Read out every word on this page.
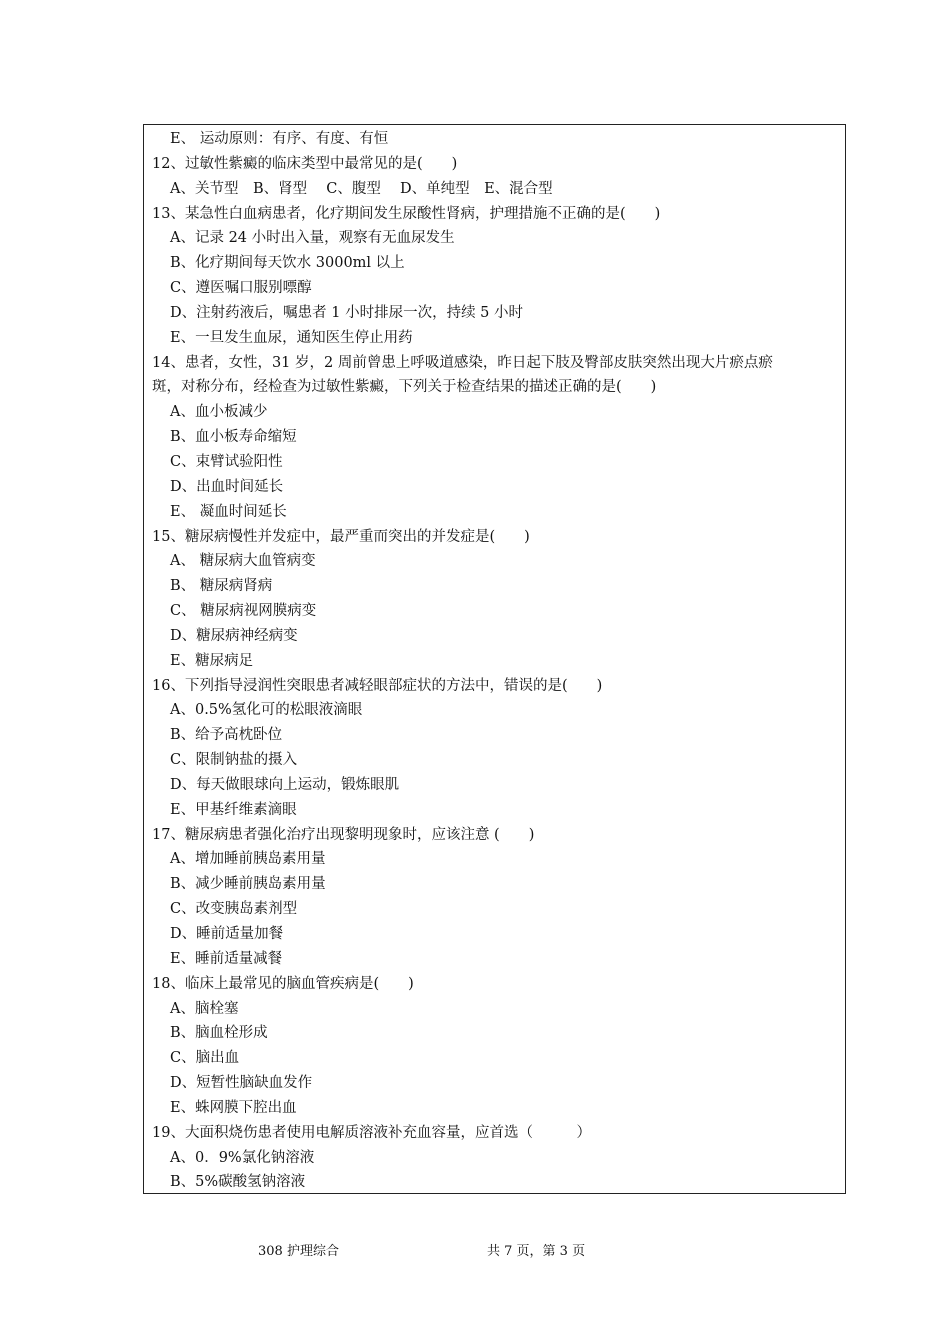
E、 运动原则：有序、有度、有恒
12、过敏性紫癜的临床类型中最常见的是(　　)
A、关节型　B、肾型　 C、腹型　 D、单纯型　E、混合型
13、某急性白血病患者，化疗期间发生尿酸性肾病，护理措施不正确的是(　　)
A、记录 24 小时出入量，观察有无血尿发生
B、化疗期间每天饮水 3000ml 以上
C、遵医嘱口服别嘌醇
D、注射药液后，嘱患者 1 小时排尿一次，持续 5 小时
E、一旦发生血尿，通知医生停止用药
14、患者，女性，31 岁，2 周前曾患上呼吸道感染，昨日起下肢及臀部皮肤突然出现大片瘀点瘀
斑，对称分布，经检查为过敏性紫癜，下列关于检查结果的描述正确的是(　　)
A、血小板减少
B、血小板寿命缩短
C、束臂试验阳性
D、出血时间延长
E、 凝血时间延长
15、糖尿病慢性并发症中，最严重而突出的并发症是(　　)
A、 糖尿病大血管病变
B、 糖尿病肾病
C、 糖尿病视网膜病变
D、糖尿病神经病变
E、糖尿病足
16、下列指导浸润性突眼患者减轻眼部症状的方法中，错误的是(　　)
A、0.5%氢化可的松眼液滴眼
B、给予高枕卧位
C、限制钠盐的摄入
D、每天做眼球向上运动，锻炼眼肌
E、甲基纤维素滴眼
17、糖尿病患者强化治疗出现黎明现象时，应该注意 (　　)
A、增加睡前胰岛素用量
B、减少睡前胰岛素用量
C、改变胰岛素剂型
D、睡前适量加餐
E、睡前适量减餐
18、临床上最常见的脑血管疾病是(　　)
A、脑栓塞
B、脑血栓形成
C、脑出血
D、短暂性脑缺血发作
E、蛛网膜下腔出血
19、大面积烧伤患者使用电解质溶液补充血容量，应首选（　　　）
A、0．9%氯化钠溶液
B、5%碳酸氢钠溶液
308 护理综合	共 7 页，第 3 页
